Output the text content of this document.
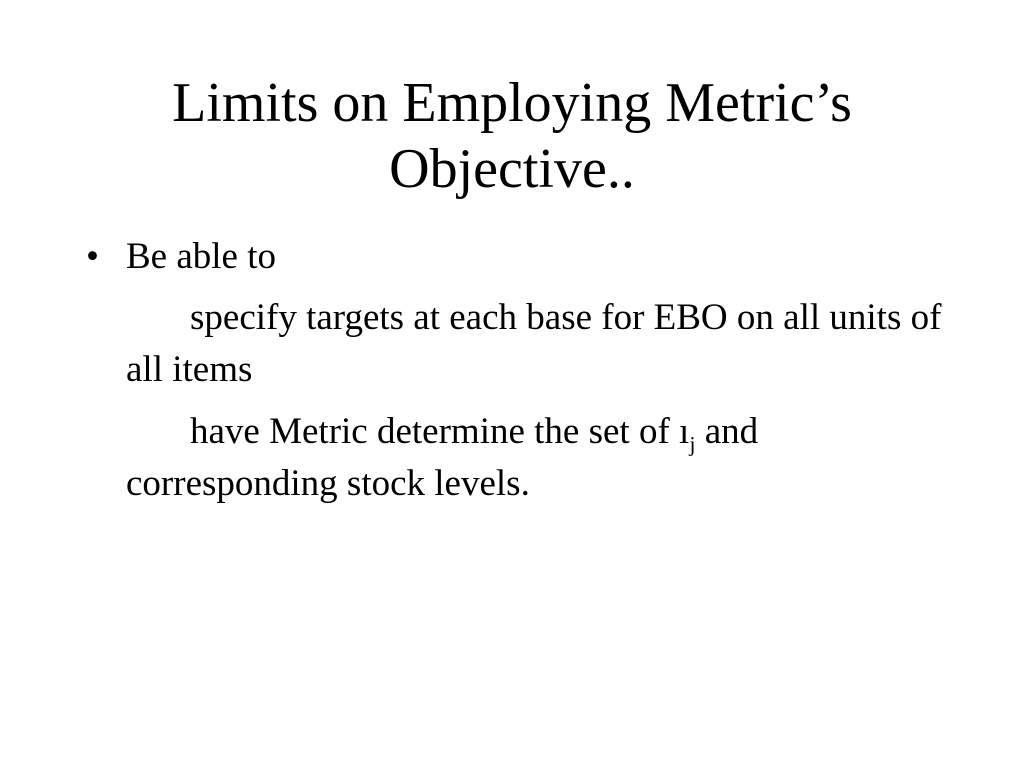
Limits on Employing Metric’s
Objective..
• Be able to
specify targets at each base for EBO on all units of all items
have Metric determine the set of $ı_j$ and corresponding stock levels.
